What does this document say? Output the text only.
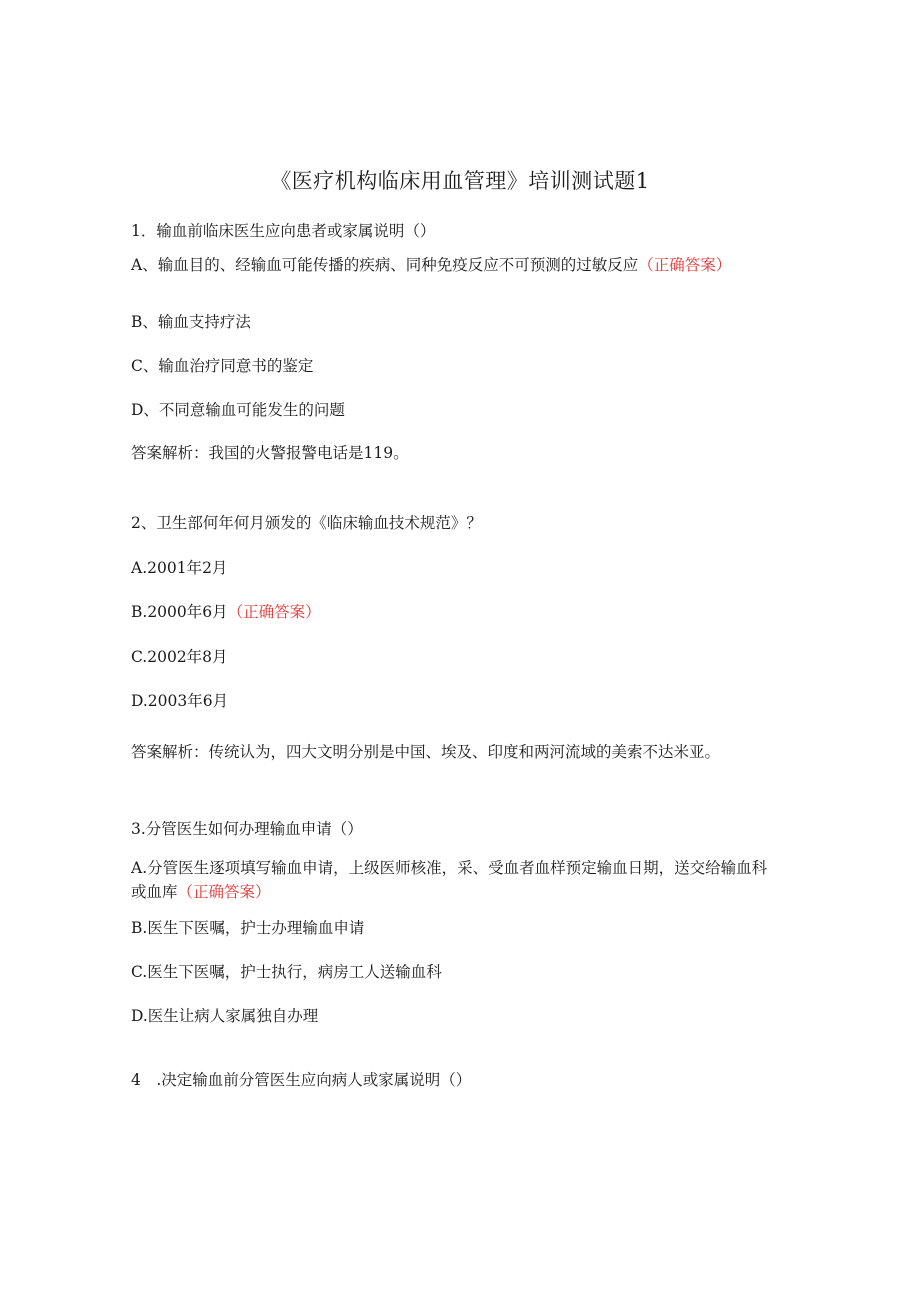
《医疗机构临床用血管理》培训测试题1
1．输血前临床医生应向患者或家属说明（）
A、输血目的、经输血可能传播的疾病、同种免疫反应不可预测的过敏反应（正确答案）
B、输血支持疗法
C、输血治疗同意书的鉴定
D、不同意输血可能发生的问题
答案解析：我国的火警报警电话是119。
2、卫生部何年何月颁发的《临床输血技术规范》？
A.2001年2月
B.2000年6月（正确答案）
C.2002年8月
D.2003年6月
答案解析：传统认为，四大文明分别是中国、埃及、印度和两河流域的美索不达米亚。
3.分管医生如何办理输血申请（）
A.分管医生逐项填写输血申请，上级医师核准，采、受血者血样预定输血日期，送交给输血科或血库（正确答案）
B.医生下医嘱，护士办理输血申请
C.医生下医嘱，护士执行，病房工人送输血科
D.医生让病人家属独自办理
4　.决定输血前分管医生应向病人或家属说明（）
